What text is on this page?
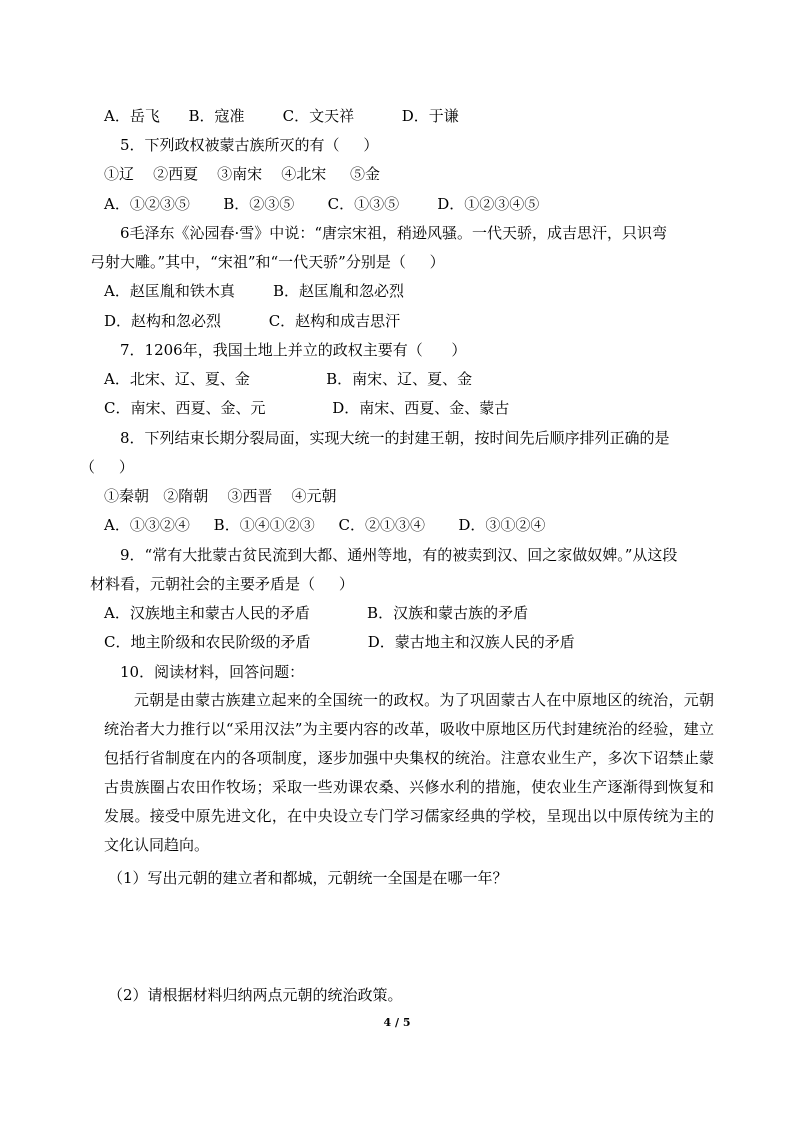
A．岳飞      B．寇准        C．文天祥          D．于谦
5．下列政权被蒙古族所灭的有（     ）
①辽    ②西夏    ③南宋    ④北宋     ⑤金
A．①②③⑤       B．②③⑤       C．①③⑤        D．①②③④⑤
6毛泽东《沁园春·雪》中说：“唐宗宋祖，稍逊风骚。一代天骄，成吉思汗，只识弯
弓射大雕。”其中，“宋祖”和“一代天骄”分别是（     ）
A．赵匡胤和铁木真        B．赵匡胤和忽必烈
D．赵构和忽必烈          C．赵构和成吉思汗
7．1206年，我国土地上并立的政权主要有（      ）
A．北宋、辽、夏、金                B．南宋、辽、夏、金
C．南宋、西夏、金、元              D．南宋、西夏、金、蒙古
8．下列结束长期分裂局面，实现大统一的封建王朝，按时间先后顺序排列正确的是
（     ）
①秦朝   ②隋朝    ③西晋    ④元朝
A．①③②④     B．①④①②③     C．②①③④       D．③①②④
9．“常有大批蒙古贫民流到大都、通州等地，有的被卖到汉、回之家做奴婢。”从这段
材料看，元朝社会的主要矛盾是（     ）
A．汉族地主和蒙古人民的矛盾            B．汉族和蒙古族的矛盾
C．地主阶级和农民阶级的矛盾            D．蒙古地主和汉族人民的矛盾
10．阅读材料，回答问题：
元朝是由蒙古族建立起来的全国统一的政权。为了巩固蒙古人在中原地区的统治，元朝统治者大力推行以“采用汉法”为主要内容的改革，吸收中原地区历代封建统治的经验，建立包括行省制度在内的各项制度，逐步加强中央集权的统治。注意农业生产，多次下诏禁止蒙古贵族圈占农田作牧场；采取一些劝课农桑、兴修水利的措施，使农业生产逐渐得到恢复和发展。接受中原先进文化，在中央设立专门学习儒家经典的学校，呈现出以中原传统为主的文化认同趋向。
（1）写出元朝的建立者和都城，元朝统一全国是在哪一年？
（2）请根据材料归纳两点元朝的统治政策。
4 / 5
